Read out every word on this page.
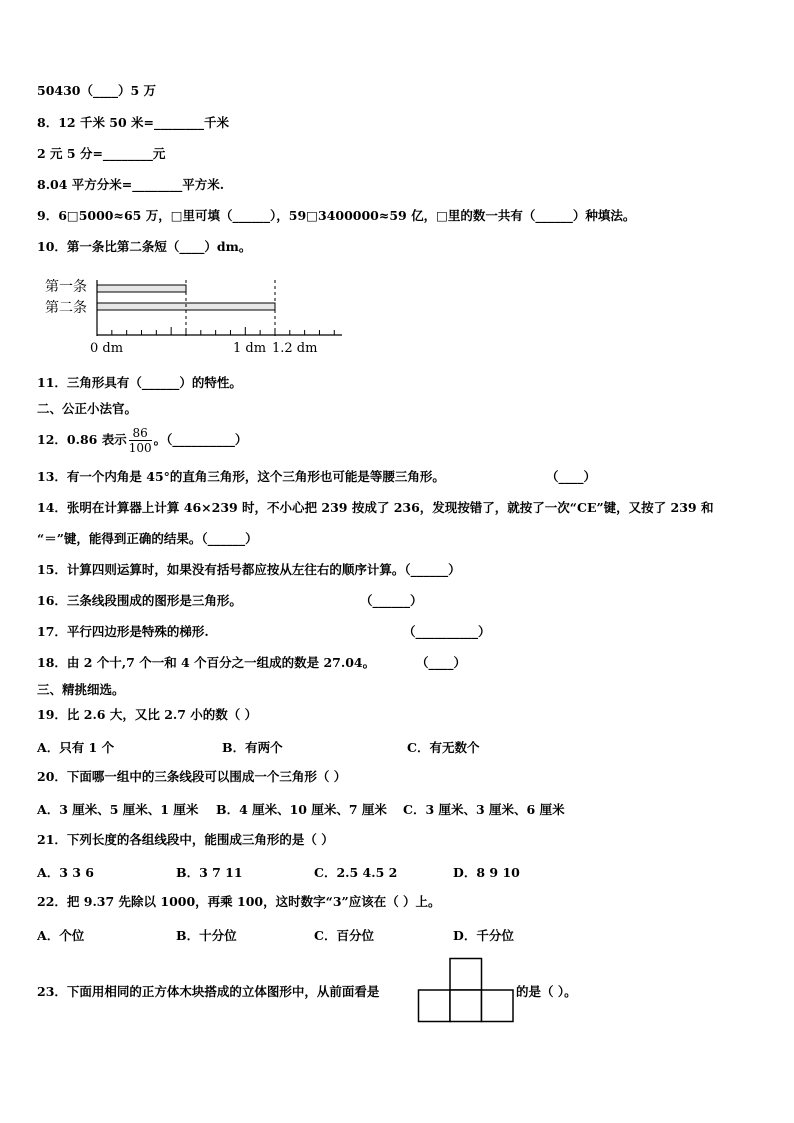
50430（____）5 万
8．12 千米 50 米=________千米
2 元 5 分=________元
8.04 平方分米=________平方米.
9．6□5000≈65 万，□里可填（______），59□3400000≈59 亿，□里的数一共有（______）种填法。
10．第一条比第二条短（____）dm。
第一条
第二条
0 dm	1 dm 1.2 dm
11．三角形具有（______）的特性。
二、公正小法官。
12．0.86 表示 $\frac{86}{100}$ 。（__________）
13．有一个内角是 45°的直角三角形，这个三角形也可能是等腰三角形。	（____）
14．张明在计算器上计算 46×239 时，不小心把 239 按成了 236，发现按错了，就按了一次“CE”键，又按了 239 和
“＝”键，能得到正确的结果。（______）
15．计算四则运算时，如果没有括号都应按从左往右的顺序计算。（______）
16．三条线段围成的图形是三角形。	（______）
17．平行四边形是特殊的梯形.	（__________）
18．由 2 个十,7 个一和 4 个百分之一组成的数是 27.04。	（____）
三、精挑细选。
19．比 2.6 大，又比 2.7 小的数（ ）
A．只有 1 个	B．有两个	C．有无数个
20．下面哪一组中的三条线段可以围成一个三角形（ ）
A．3 厘米、5 厘米、1 厘米 B．4 厘米、10 厘米、7 厘米 C．3 厘米、3 厘米、6 厘米
21．下列长度的各组线段中，能围成三角形的是（ ）
A．3 3 6	B．3 7 11	C．2.5 4.5 2	D．8 9 10
22．把 9.37 先除以 1000，再乘 100，这时数字“3”应该在（ ）上。
A．个位	B．十分位	C．百分位	D．千分位
23．下面用相同的正方体木块搭成的立体图形中，从前面看是	的是（ ）。
